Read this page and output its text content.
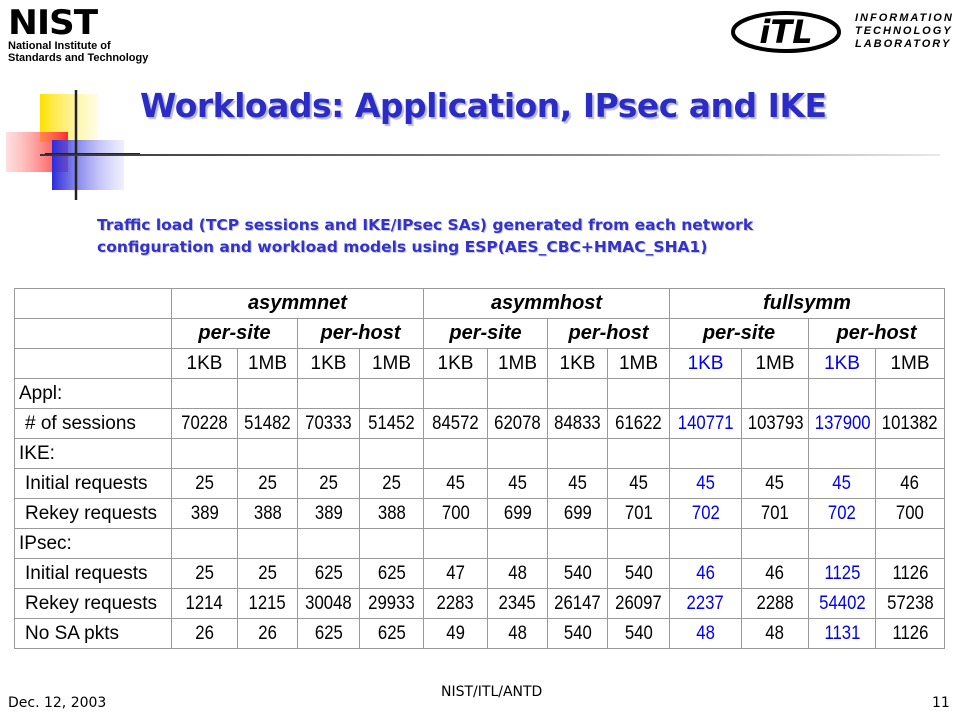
NIST
National Institute of
Standards and Technology
iTL	INFORMATION
TECHNOLOGY
LABORATORY
Workloads: Application, IPsec and IKE
Traffic load (TCP sessions and IKE/IPsec SAs) generated from each network
configuration and workload models using ESP(AES_CBC+HMAC_SHA1)
	asymmnet				asymmhost				fullsymm			
	per-site		per-host		per-site		per-host		per-site		per-host	
	1KB	1MB	1KB	1MB	1KB	1MB	1KB	1MB	1KB	1MB	1KB	1MB
Appl:												
# of sessions	70228	51482	70333	51452	84572	62078	84833	61622	140771	103793	137900	101382
IKE:												
Initial requests	25	25	25	25	45	45	45	45	45	45	45	46
Rekey requests	389	388	389	388	700	699	699	701	702	701	702	700
IPsec:												
Initial requests	25	25	625	625	47	48	540	540	46	46	1125	1126
Rekey requests	1214	1215	30048	29933	2283	2345	26147	26097	2237	2288	54402	57238
No SA pkts	26	26	625	625	49	48	540	540	48	48	1131	1126
Dec. 12, 2003
NIST/ITL/ANTD
11
